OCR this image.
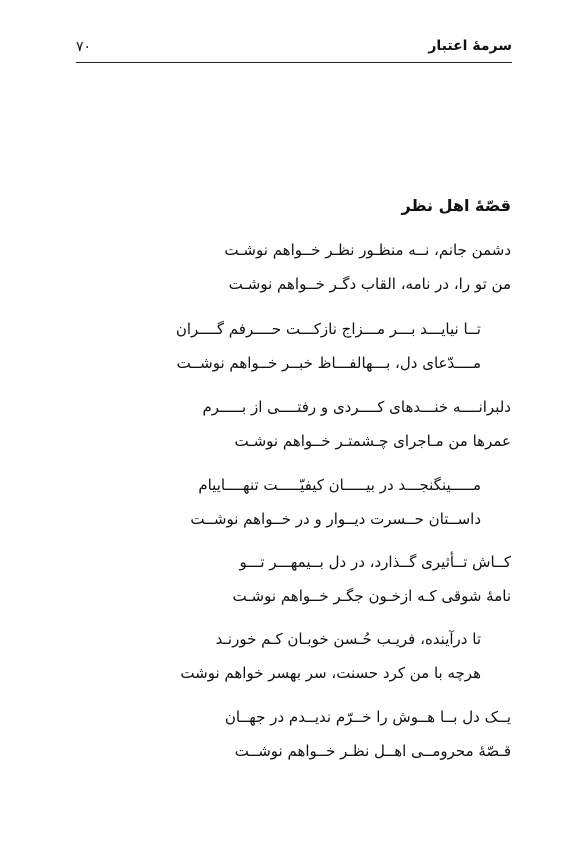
۷۰	سرمهٔ اعتبار
قصّهٔ اهل نظر
دشمن جانم، نــه منظـور نظـر خــواهم نوشـت
من تو را، در نامه، القاب دگـر خــواهم نوشـت
تــا نیایـــد بـــر مـــزاج نازکـــت حــــرفم گــــران
مــــدّعای دل، بـــهالفـــاظ خبــر خــواهم نوشــت
دلبرانــــه خنـــدهای کــــردی و رفتــــی از بـــــرم
عمرها من مـاجرای چـشمتـر خــواهم نوشـت
مـــــینگنجـــد در بیـــــان کیفیّـــــت تنهــــاییام
داســتان حــسرت دیــوار و در خــواهم نوشــت
کــاش تــأثیری گــذارد، در دل بــیمهـــر تـــو
نامهٔ شوقی کـه ازخـون جگـر خــواهم نوشـت
تا درآینده، فریـب حُـسن خوبـان کـم خورنـد
هرچه با من کرد حسنت، سر بهسر خواهم نوشت
یــک دل بــا هــوش را خــرّم ندیــدم در جهــان
قـصّهٔ محرومــی اهــل نظـر خــواهم نوشــت
